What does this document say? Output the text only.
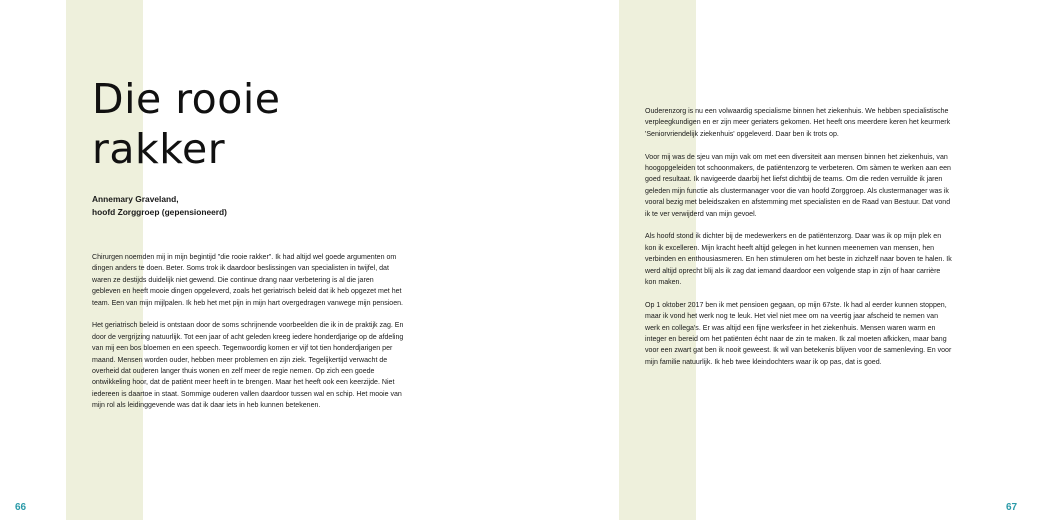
Die rooie
rakker
Annemary Graveland,
hoofd Zorggroep (gepensioneerd)

Chirurgen noemden mij in mijn begintijd "die rooie rakker". Ik had altijd wel goede argumenten om dingen anders te doen. Beter. Soms trok ik daardoor beslissingen van specialisten in twijfel, dat waren ze destijds duidelijk niet gewend. Die continue drang naar verbetering is al die jaren gebleven en heeft mooie dingen opgeleverd, zoals het geriatrisch beleid dat ik heb opgezet met het team. Een van mijn mijlpalen. Ik heb het met pijn in mijn hart overgedragen vanwege mijn pensioen.

Het geriatrisch beleid is ontstaan door de soms schrijnende voorbeelden die ik in de praktijk zag. En door de vergrijzing natuurlijk. Tot een jaar of acht geleden kreeg iedere honderdjarige op de afdeling van mij een bos bloemen en een speech. Tegenwoordig komen er vijf tot tien honderdjarigen per maand. Mensen worden ouder, hebben meer problemen en zijn ziek. Tegelijkertijd verwacht de overheid dat ouderen langer thuis wonen en zelf meer de regie nemen. Op zich een goede ontwikkeling hoor, dat de patiënt meer heeft in te brengen. Maar het heeft ook een keerzijde. Niet iedereen is daartoe in staat. Sommige ouderen vallen daardoor tussen wal en schip. Het mooie van mijn rol als leidinggevende was dat ik daar iets in heb kunnen betekenen.

Ouderenzorg is nu een volwaardig specialisme binnen het ziekenhuis. We hebben specialistische verpleegkundigen en er zijn meer geriaters gekomen. Het heeft ons meerdere keren het keurmerk 'Seniorvriendelijk ziekenhuis' opgeleverd. Daar ben ik trots op.

Voor mij was de sjeu van mijn vak om met een diversiteit aan mensen binnen het ziekenhuis, van hoogopgeleiden tot schoonmakers, de patiëntenzorg te verbeteren. Om sàmen te werken aan een goed resultaat. Ik navigeerde daarbij het liefst dichtbij de teams. Om die reden verruilde ik jaren geleden mijn functie als clustermanager voor die van hoofd Zorggroep. Als clustermanager was ik vooral bezig met beleidszaken en afstemming met specialisten en de Raad van Bestuur. Dat vond ik te ver verwijderd van mijn gevoel.

Als hoofd stond ik dichter bij de medewerkers en de patiëntenzorg. Daar was ik op mijn plek en kon ik excelleren. Mijn kracht heeft altijd gelegen in het kunnen meenemen van mensen, hen verbinden en enthousiasmeren. En hen stimuleren om het beste in zichzelf naar boven te halen. Ik werd altijd oprecht blij als ik zag dat iemand daardoor een volgende stap in zijn of haar carrière kon maken.

Op 1 oktober 2017 ben ik met pensioen gegaan, op mijn 67ste. Ik had al eerder kunnen stoppen, maar ik vond het werk nog te leuk. Het viel niet mee om na veertig jaar afscheid te nemen van werk en collega's. Er was altijd een fijne werksfeer in het ziekenhuis. Mensen waren warm en integer en bereid om het patiënten écht naar de zin te maken. Ik zal moeten afkicken, maar bang voor een zwart gat ben ik nooit geweest. Ik wil van betekenis blijven voor de samenleving. En voor mijn familie natuurlijk. Ik heb twee kleindochters waar ik op pas, dat is goed.

66	67
